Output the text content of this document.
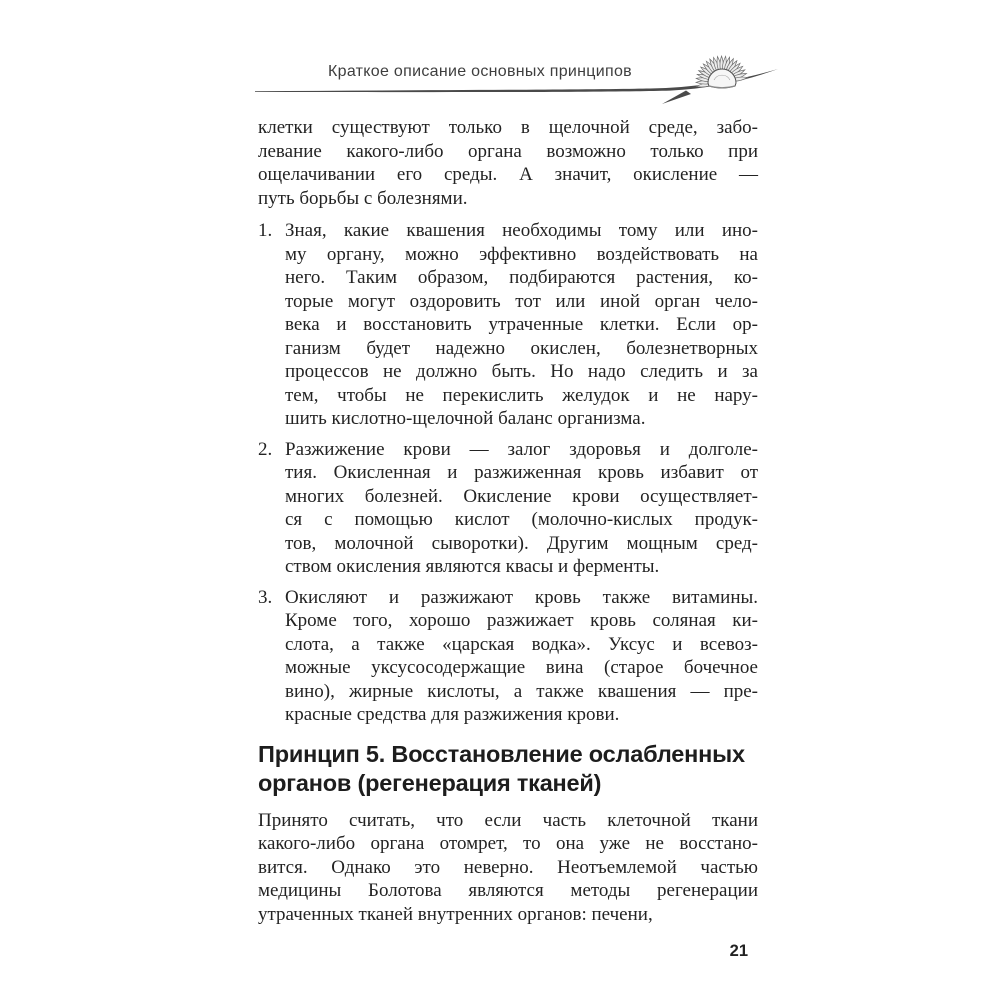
Краткое описание основных принципов
клетки существуют только в щелочной среде, забо-
левание какого-либо органа возможно только при
ощелачивании его среды. А значит, окисление —
путь борьбы с болезнями.
1. Зная, какие квашения необходимы тому или ино-
му органу, можно эффективно воздействовать на
него. Таким образом, подбираются растения, ко-
торые могут оздоровить тот или иной орган чело-
века и восстановить утраченные клетки. Если ор-
ганизм будет надежно окислен, болезнетворных
процессов не должно быть. Но надо следить и за
тем, чтобы не перекислить желудок и не нару-
шить кислотно-щелочной баланс организма.
2. Разжижение крови — залог здоровья и долголе-
тия. Окисленная и разжиженная кровь избавит от
многих болезней. Окисление крови осуществляет-
ся с помощью кислот (молочно-кислых продук-
тов, молочной сыворотки). Другим мощным сред-
ством окисления являются квасы и ферменты.
3. Окисляют и разжижают кровь также витамины.
Кроме того, хорошо разжижает кровь соляная ки-
слота, а также «царская водка». Уксус и всевоз-
можные уксусосодержащие вина (старое бочечное
вино), жирные кислоты, а также квашения — пре-
красные средства для разжижения крови.
Принцип 5. Восстановление ослабленных
органов (регенерация тканей)
Принято считать, что если часть клеточной ткани
какого-либо органа отомрет, то она уже не восстано-
вится. Однако это неверно. Неотъемлемой частью
медицины Болотова являются методы регенерации
утраченных тканей внутренних органов: печени,
21
